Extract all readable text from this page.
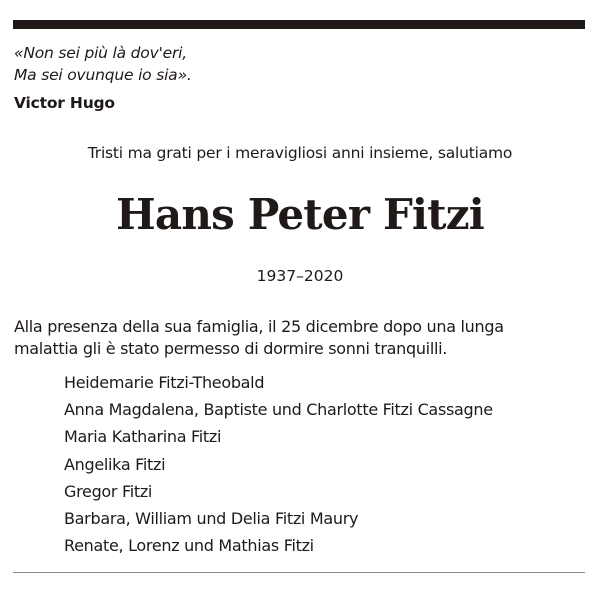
«Non sei più là dov'eri,
Ma sei ovunque io sia».
Victor Hugo
Tristi ma grati per i meravigliosi anni insieme, salutiamo
Hans Peter Fitzi
1937–2020
Alla presenza della sua famiglia, il 25 dicembre dopo una lunga
malattia gli è stato permesso di dormire sonni tranquilli.
Heidemarie Fitzi-Theobald
Anna Magdalena, Baptiste und Charlotte Fitzi Cassagne
Maria Katharina Fitzi
Angelika Fitzi
Gregor Fitzi
Barbara, William und Delia Fitzi Maury
Renate, Lorenz und Mathias Fitzi
